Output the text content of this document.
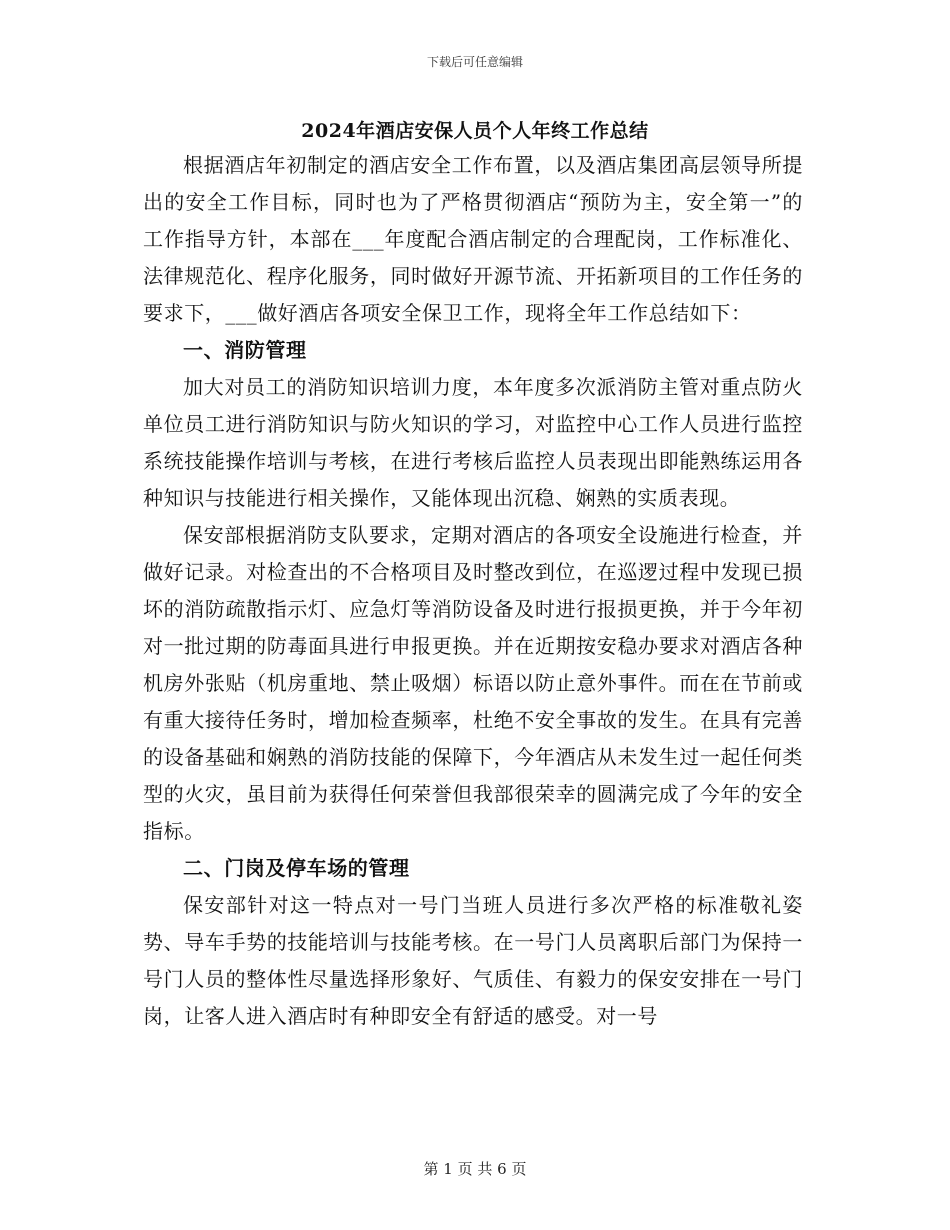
下载后可任意编辑
2024年酒店安保人员个人年终工作总结

根据酒店年初制定的酒店安全工作布置，以及酒店集团高层领导所提出的安全工作目标，同时也为了严格贯彻酒店“预防为主，安全第一”的工作指导方针，本部在___年度配合酒店制定的合理配岗，工作标准化、法律规范化、程序化服务，同时做好开源节流、开拓新项目的工作任务的要求下，___做好酒店各项安全保卫工作，现将全年工作总结如下：

一、消防管理

加大对员工的消防知识培训力度，本年度多次派消防主管对重点防火单位员工进行消防知识与防火知识的学习，对监控中心工作人员进行监控系统技能操作培训与考核，在进行考核后监控人员表现出即能熟练运用各种知识与技能进行相关操作，又能体现出沉稳、娴熟的实质表现。

保安部根据消防支队要求，定期对酒店的各项安全设施进行检查，并做好记录。对检查出的不合格项目及时整改到位，在巡逻过程中发现已损坏的消防疏散指示灯、应急灯等消防设备及时进行报损更换，并于今年初对一批过期的防毒面具进行申报更换。并在近期按安稳办要求对酒店各种机房外张贴（机房重地、禁止吸烟）标语以防止意外事件。而在在节前或有重大接待任务时，增加检查频率，杜绝不安全事故的发生。在具有完善的设备基础和娴熟的消防技能的保障下，今年酒店从未发生过一起任何类型的火灾，虽目前为获得任何荣誉但我部很荣幸的圆满完成了今年的安全指标。

二、门岗及停车场的管理

保安部针对这一特点对一号门当班人员进行多次严格的标准敬礼姿势、导车手势的技能培训与技能考核。在一号门人员离职后部门为保持一号门人员的整体性尽量选择形象好、气质佳、有毅力的保安安排在一号门岗，让客人进入酒店时有种即安全有舒适的感受。对一号

第 1 页 共 6 页
